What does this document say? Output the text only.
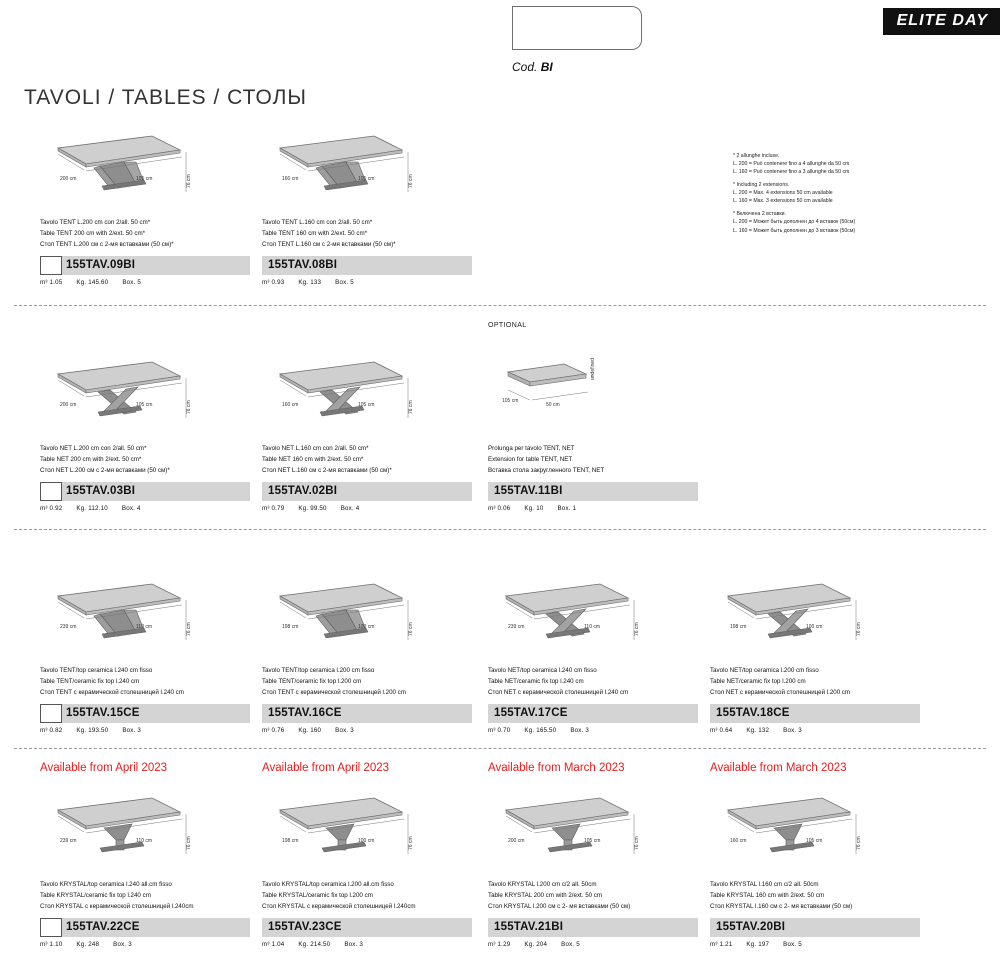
ELITE DAY
Cod. BI
TAVOLI / TABLES / СТОЛЫ
* 2 allunghe incluse.
L. 200 = Può contenere fino a 4 allunghe da 50 cm
L. 160 = Può contenere fino a 3 allunghe da 50 cm
* Including 2 extensions.
L. 200 = Max. 4 extensions 50 cm available
L. 160 = Max. 3 extensions 50 cm available
* Включена 2 вставки.
L. 200 = Может быть дополнен до 4 вставок (50см)
L. 160 = Может быть дополнен до 3 вставок (50см)
OPTIONAL
200 cm	105 cm	76 cm
Tavolo TENT L.200 cm con 2/all. 50 cm*
Table TENT 200 cm with 2/ext. 50 cm*
Стол TENT L.200 см с 2-мя вставками (50 см)*
155TAV.09BI
m³ 1.05 Kg. 145.60 Box. 5
160 cm	105 cm	76 cm
Tavolo TENT L.160 cm con 2/all. 50 cm*
Table TENT 160 cm with 2/ext. 50 cm*
Стол TENT L.160 см с 2-мя вставками (50 см)*
155TAV.08BI
m³ 0.93 Kg. 133 Box. 5
200 cm	105 cm	76 cm
Tavolo NET L.200 cm con 2/all. 50 cm*
Table NET 200 cm with 2/ext. 50 cm*
Стол NET L.200 см с 2-мя вставками (50 см)*
155TAV.03BI
m³ 0.92 Kg. 112.10 Box. 4
160 cm	105 cm	76 cm
Tavolo NET L.160 cm con 2/all. 50 cm*
Table NET 160 cm with 2/ext. 50 cm*
Стол NET L.160 см с 2-мя вставками (50 см)*
155TAV.02BI
m³ 0.79 Kg. 99.50 Box. 4
105 cm
50 cm
undefined
Prolunga per tavolo TENT, NET
Extension for table TENT, NET
Вставка стола закругленного TENT, NET
155TAV.11BI
m³ 0.06 Kg. 10 Box. 1
239 cm	110 cm	76 cm
Tavolo TENT/top ceramica l.240 cm fisso
Table TENT/ceramic fix top l.240 cm
Стол TENT с керамической столешницей l.240 cm
155TAV.15CE
m³ 0.82 Kg. 193.50 Box. 3
198 cm	100 cm	76 cm
Tavolo TENT/top ceramica l.200 cm fisso
Table TENT/ceramic fix top l.200 cm
Стол TENT с керамической столешницей l.200 cm
155TAV.16CE
m³ 0.76 Kg. 160 Box. 3
239 cm	110 cm	76 cm
Tavolo NET/top ceramica l.240 cm fisso
Table NET/ceramic fix top l.240 cm
Стол NET с керамической столешницей l.240 cm
155TAV.17CE
m³ 0.70 Kg. 165.50 Box. 3
198 cm	100 cm	76 cm
Tavolo NET/top ceramica l.200 cm fisso
Table NET/ceramic fix top l.200 cm
Стол NET с керамической столешницей l.200 cm
155TAV.18CE
m³ 0.64 Kg. 132 Box. 3
Available from April 2023
239 cm	110 cm	76 cm
Tavolo KRYSTAL/top ceramica l.240 all.cm fisso
Table KRYSTAL/ceramic fix top l.240 cm
Стол KRYSTAL с керамической столешницей l.240cm
155TAV.22CE
m³ 1.10 Kg. 248 Box. 3
Available from April 2023
198 cm	100 cm	76 cm
Tavolo KRYSTAL/top ceramica l.200 all.cm fisso
Table KRYSTAL/ceramic fix top l.200 cm
Стол KRYSTAL с керамической столешницей l.240cm
155TAV.23CE
m³ 1.04 Kg. 214.50 Box. 3
Available from March 2023
200 cm	105 cm	76 cm
Tavolo KRYSTAL l.200 cm c/2 all. 50cm
Table KRYSTAL 200 cm with 2/ext. 50 cm
Стол KRYSTAL l.200 см с 2- мя вставками (50 см)
155TAV.21BI
m³ 1.29 Kg. 204 Box. 5
Available from March 2023
160 cm	105 cm	76 cm
Tavolo KRYSTAL l.160 cm c/2 all. 50cm
Table KRYSTAL 160 cm with 2/ext. 50 cm
Стол KRYSTAL l.160 см с 2- мя вставками (50 см)
155TAV.20BI
m³ 1.21 Kg. 197 Box. 5
